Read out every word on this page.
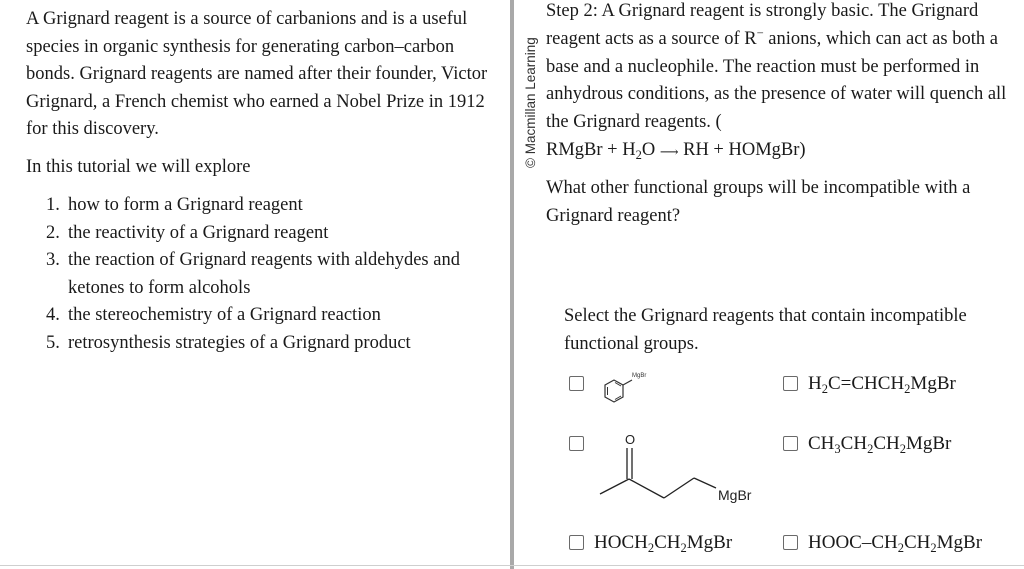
A Grignard reagent is a source of carbanions and is a useful species in organic synthesis for generating carbon–carbon bonds. Grignard reagents are named after their founder, Victor Grignard, a French chemist who earned a Nobel Prize in 1912 for this discovery.

In this tutorial we will explore

1. how to form a Grignard reagent
2. the reactivity of a Grignard reagent
3. the reaction of Grignard reagents with aldehydes and ketones to form alcohols
4. the stereochemistry of a Grignard reaction
5. retrosynthesis strategies of a Grignard product
© Macmillan Learning

Step 2: A Grignard reagent is strongly basic. The Grignard reagent acts as a source of R− anions, which can act as both a base and a nucleophile. The reaction must be performed in anhydrous conditions, as the presence of water will quench all the Grignard reagents. (
RMgBr + $H_2O$ ⟶ RH + HOMgBr)

What other functional groups will be incompatible with a Grignard reagent?

Select the Grignard reagents that contain incompatible functional groups.

MgBr	$H_2C=CHCH_2MgBr$
O
MgBr
$CH_3CH_2CH_2MgBr$
$HOCH_2CH_2MgBr$	HOOC–$CH_2CH_2MgBr$
